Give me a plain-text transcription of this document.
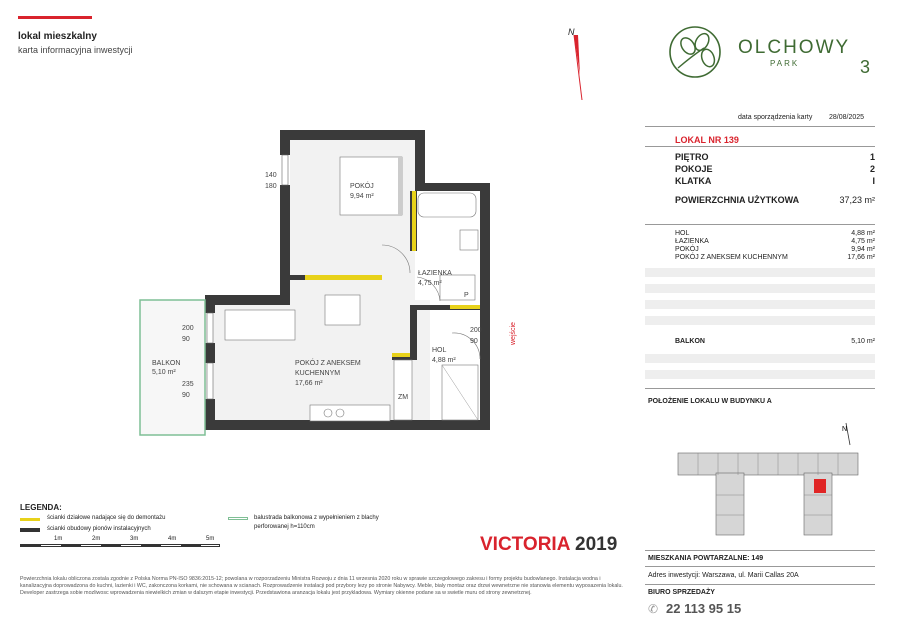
lokal mieszkalny
karta informacyjna inwestycji
N
OLCHOWY
PARK	3
data sporządzenia karty 28/08/2025
LOKAL NR 139
PIĘTRO	1
POKOJE	2
KLATKA	I
POWIERZCHNIA UŻYTKOWA	37,23 m²
HOL	4,88 m²
ŁAZIENKA	4,75 m²
POKÓJ	9,94 m²
POKÓJ Z ANEKSEM KUCHENNYM	17,66 m²
BALKON	5,10 m²
POŁOŻENIE LOKALU W BUDYNKU A
N
MIESZKANIA POWTARZALNE: 149
Adres inwestycji: Warszawa, ul. Marii Callas 20A
BIURO SPRZEDAŻY
✆ 22 113 95 15
POKÓJ
9,94 m²
ŁAZIENKA
4,75 m²
POKÓJ Z ANEKSEM
KUCHENNYM
17,66 m²
HOL
4,88 m²
BALKON
5,10 m²
140
180
200
90
235
90
200
90
ZM
P
wejście
LEGENDA:
ścianki działowe nadające się do demontażu
ścianki obudowy pionów instalacyjnych
balustrada balkonowa z wypełnieniem z blachy perforowanej h=110cm
1m	2m	3m	4m	5m	VICTORIA 2019
Powierzchnia lokalu obliczona zostala zgodnie z Polska Norma PN-ISO 9836:2015-12; powolana w rozporzadzeniu Ministra Rozwoju z dnia 11 wrzesnia 2020 roku w sprawie szczegolowego zakresu i formy projektu budowlanego. Instalacja wodna i kanalizacyjna doprowadzona do kuchni, lazienki i WC, zakonczona korkami, nie schowana w scianach. Rozprowadzenie instalacji pod przybory lezy po stronie Nabywcy. Meble, bialy montaz oraz drzwi wewnetrzne nie stanowia elementu wyposazenia lokalu. Developer zastrzega sobie mozliwosc wprowadzenia niewielkich zmian w dalszym etapie inwestycji. Przedstawiona aranzacja lokalu jest przykladowa. Wymiary okienne podane sa w swietle muru od strony zewnetrznej.
